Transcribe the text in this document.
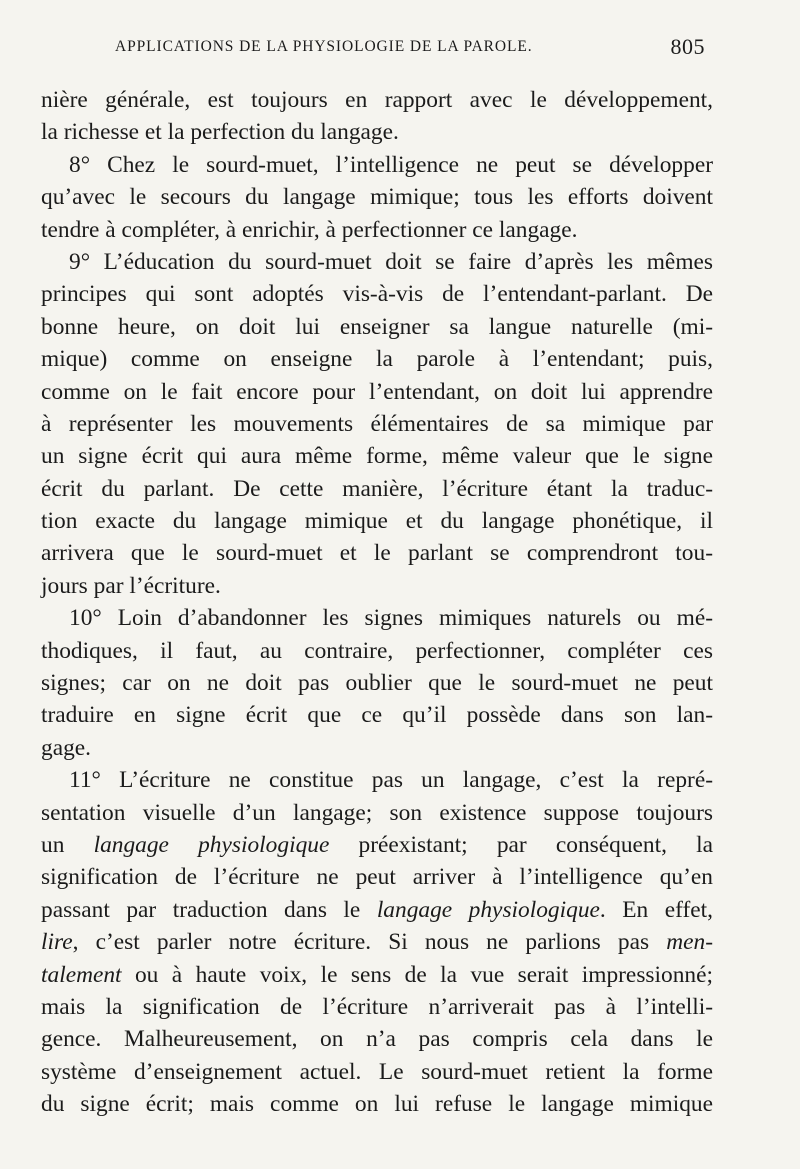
APPLICATIONS DE LA PHYSIOLOGIE DE LA PAROLE.	805
nière générale, est toujours en rapport avec le développement,
la richesse et la perfection du langage.
8° Chez le sourd-muet, l’intelligence ne peut se développer
qu’avec le secours du langage mimique; tous les efforts doivent
tendre à compléter, à enrichir, à perfectionner ce langage.
9° L’éducation du sourd-muet doit se faire d’après les mêmes
principes qui sont adoptés vis-à-vis de l’entendant-parlant. De
bonne heure, on doit lui enseigner sa langue naturelle (mi-
mique) comme on enseigne la parole à l’entendant; puis,
comme on le fait encore pour l’entendant, on doit lui apprendre
à représenter les mouvements élémentaires de sa mimique par
un signe écrit qui aura même forme, même valeur que le signe
écrit du parlant. De cette manière, l’écriture étant la traduc-
tion exacte du langage mimique et du langage phonétique, il
arrivera que le sourd-muet et le parlant se comprendront tou-
jours par l’écriture.
10° Loin d’abandonner les signes mimiques naturels ou mé-
thodiques, il faut, au contraire, perfectionner, compléter ces
signes; car on ne doit pas oublier que le sourd-muet ne peut
traduire en signe écrit que ce qu’il possède dans son lan-
gage.
11° L’écriture ne constitue pas un langage, c’est la repré-
sentation visuelle d’un langage; son existence suppose toujours
un langage physiologique préexistant; par conséquent, la
signification de l’écriture ne peut arriver à l’intelligence qu’en
passant par traduction dans le langage physiologique. En effet,
lire, c’est parler notre écriture. Si nous ne parlions pas men-
talement ou à haute voix, le sens de la vue serait impressionné;
mais la signification de l’écriture n’arriverait pas à l’intelli-
gence. Malheureusement, on n’a pas compris cela dans le
système d’enseignement actuel. Le sourd-muet retient la forme
du signe écrit; mais comme on lui refuse le langage mimique
